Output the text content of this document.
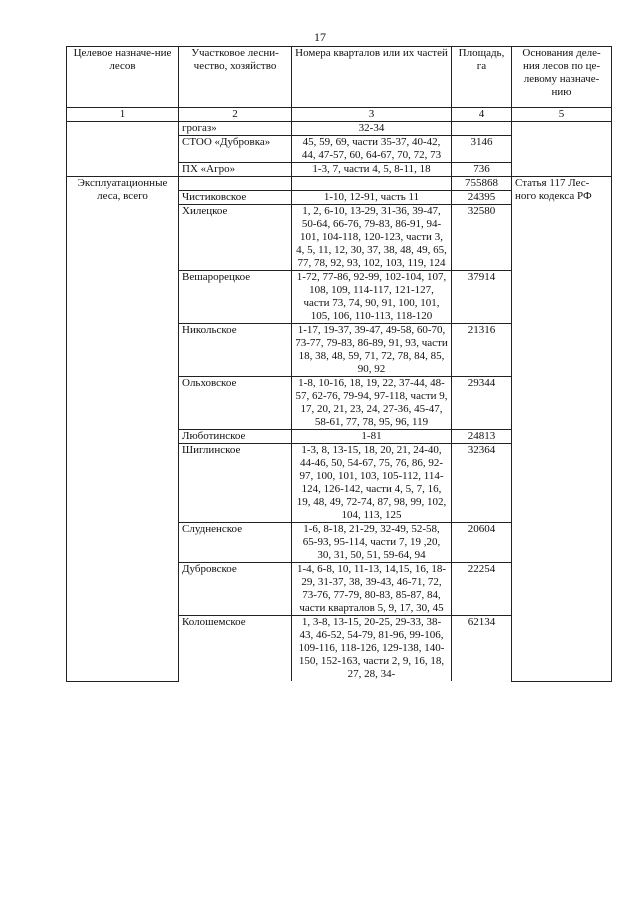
17
Целевое назначе-ние лесов	Участковое лесни-чество, хозяйство	Номера кварталов или их частей	Площадь, га	Основания деле-ния лесов по це-левому назначе-нию
1	2	3	4	5
	грогаз»	32-34		
	СТОО «Дубровка»	45, 59, 69, части 35-37, 40-42, 44, 47-57, 60, 64-67, 70, 72, 73	3146	
	ПХ «Агро»	1-3, 7, части 4, 5, 8-11, 18	736	
Эксплуатационные леса, всего			755868	Статья 117 Лес-ного кодекса РФ
	Чистиковское	1-10, 12-91, часть 11	24395	
	Хилецкое	1, 2, 6-10, 13-29, 31-36, 39-47, 50-64, 66-76, 79-83, 86-91, 94-101, 104-118, 120-123, части 3, 4, 5, 11, 12, 30, 37, 38, 48, 49, 65, 77, 78, 92, 93, 102, 103, 119, 124	32580	
	Вешарорецкое	1-72, 77-86, 92-99, 102-104, 107, 108, 109, 114-117, 121-127, части 73, 74, 90, 91, 100, 101, 105, 106, 110-113, 118-120	37914	
	Никольское	1-17, 19-37, 39-47, 49-58, 60-70, 73-77, 79-83, 86-89, 91, 93, части 18, 38, 48, 59, 71, 72, 78, 84, 85, 90, 92	21316	
	Ольховское	1-8, 10-16, 18, 19, 22, 37-44, 48-57, 62-76, 79-94, 97-118, части 9, 17, 20, 21, 23, 24, 27-36, 45-47, 58-61, 77, 78, 95, 96, 119	29344	
	Люботинское	1-81	24813	
	Шиглинское	1-3, 8, 13-15, 18, 20, 21, 24-40, 44-46, 50, 54-67, 75, 76, 86, 92-97, 100, 101, 103, 105-112, 114-124, 126-142, части 4, 5, 7, 16, 19, 48, 49, 72-74, 87, 98, 99, 102, 104, 113, 125	32364	
	Слудненское	1-6, 8-18, 21-29, 32-49, 52-58, 65-93, 95-114, части 7, 19 ,20, 30, 31, 50, 51, 59-64, 94	20604	
	Дубровское	1-4, 6-8, 10, 11-13, 14,15, 16, 18-29, 31-37, 38, 39-43, 46-71, 72, 73-76, 77-79, 80-83, 85-87, 84, части кварталов 5, 9, 17, 30, 45	22254	
	Колошемское	1, 3-8, 13-15, 20-25, 29-33, 38-43, 46-52, 54-79, 81-96, 99-106, 109-116, 118-126, 129-138, 140-150, 152-163, части 2, 9, 16, 18, 27, 28, 34-	62134	
